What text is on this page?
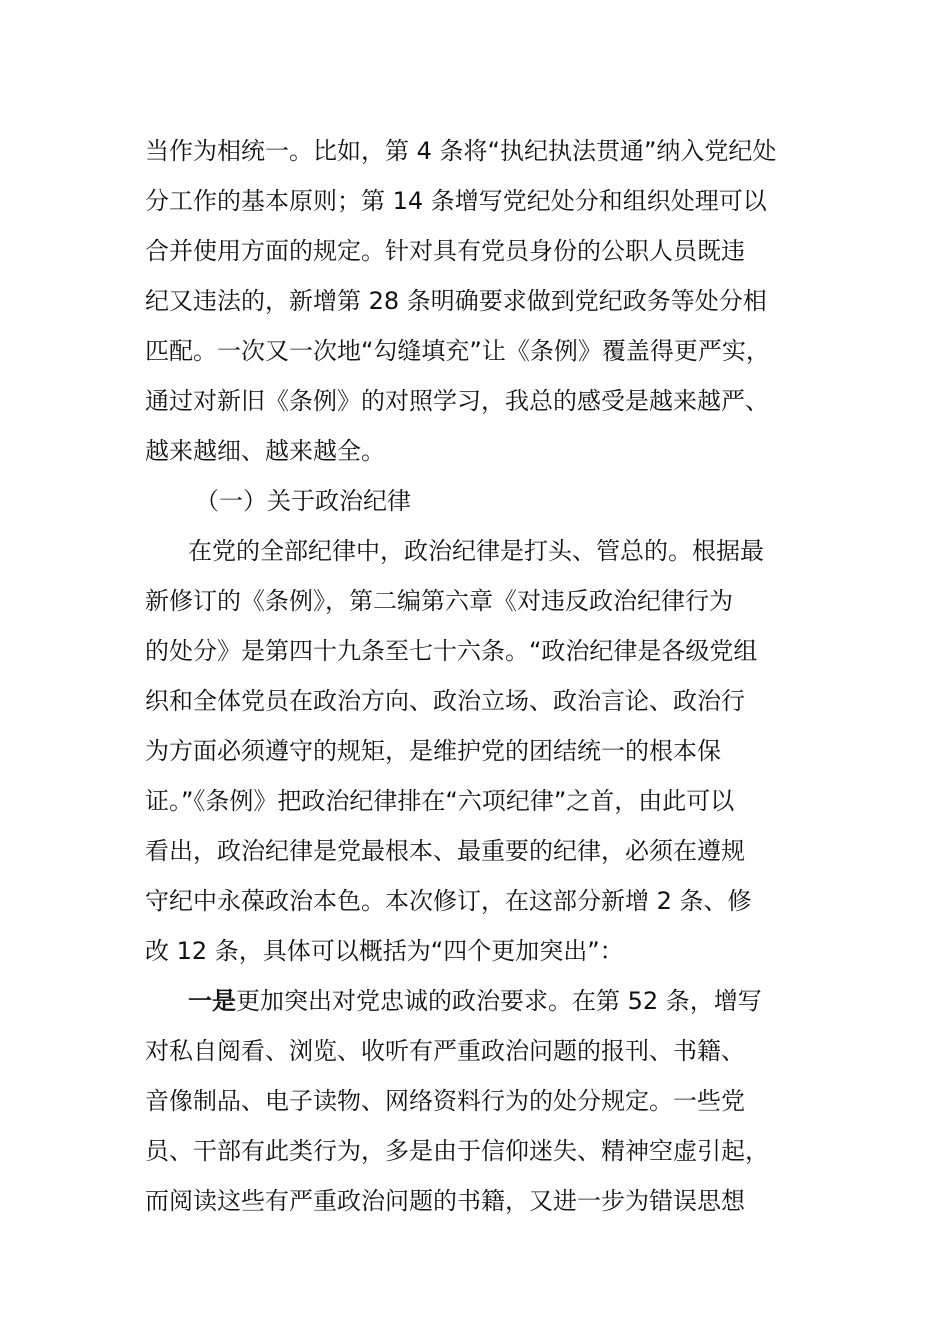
当作为相统一。比如，第 4 条将“执纪执法贯通”纳入党纪处
分工作的基本原则；第 14 条增写党纪处分和组织处理可以
合并使用方面的规定。针对具有党员身份的公职人员既违
纪又违法的，新增第 28 条明确要求做到党纪政务等处分相
匹配。一次又一次地“勾缝填充”让《条例》覆盖得更严实，
通过对新旧《条例》的对照学习，我总的感受是越来越严、
越来越细、越来越全。
（一）关于政治纪律
在党的全部纪律中，政治纪律是打头、管总的。根据最
新修订的《条例》，第二编第六章《对违反政治纪律行为
的处分》是第四十九条至七十六条。“政治纪律是各级党组
织和全体党员在政治方向、政治立场、政治言论、政治行
为方面必须遵守的规矩，是维护党的团结统一的根本保
证。”《条例》把政治纪律排在“六项纪律”之首，由此可以
看出，政治纪律是党最根本、最重要的纪律，必须在遵规
守纪中永葆政治本色。本次修订，在这部分新增 2 条、修
改 12 条，具体可以概括为“四个更加突出”：
一是更加突出对党忠诚的政治要求。在第 52 条，增写
对私自阅看、浏览、收听有严重政治问题的报刊、书籍、
音像制品、电子读物、网络资料行为的处分规定。一些党
员、干部有此类行为，多是由于信仰迷失、精神空虚引起，
而阅读这些有严重政治问题的书籍，又进一步为错误思想
